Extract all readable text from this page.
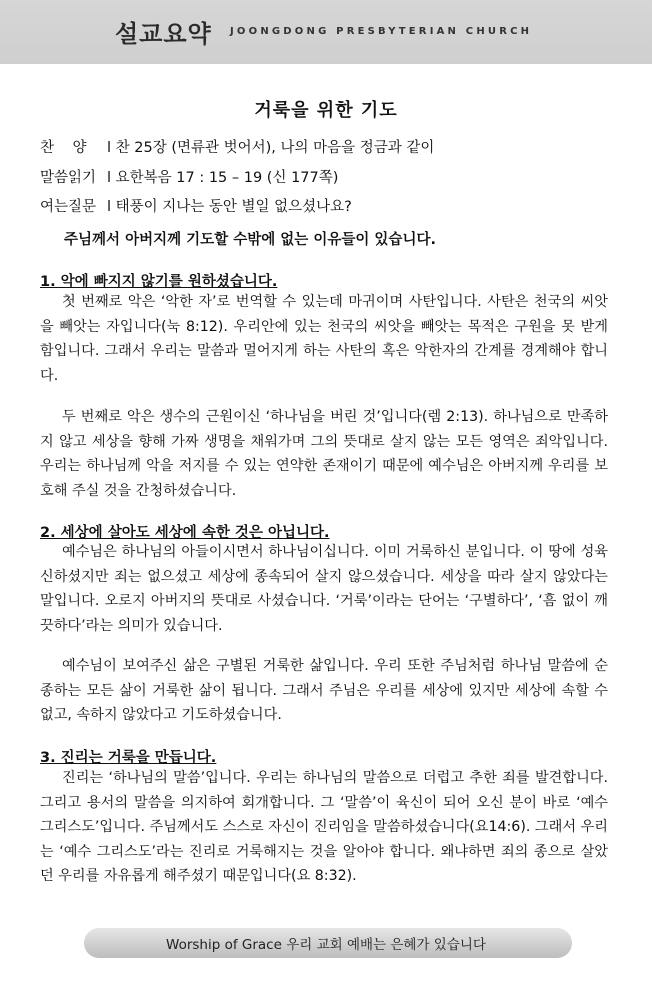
설교요약 JOONGDONG PRESBYTERIAN CHURCH
거룩을 위한 기도
찬    양 l 찬 25장 (면류관 벗어서), 나의 마음을 정금과 같이
말씀읽기 l 요한복음 17 : 15 – 19 (신 177쪽)
여는질문 l 태풍이 지나는 동안 별일 없으셨나요?
주님께서 아버지께 기도할 수밖에 없는 이유들이 있습니다.
1. 악에 빠지지 않기를 원하셨습니다.
첫 번째로 악은 ‘악한 자’로 번역할 수 있는데 마귀이며 사탄입니다. 사탄은 천국의 씨앗을 빼앗는 자입니다(눅 8:12). 우리안에 있는 천국의 씨앗을 빼앗는 목적은 구원을 못 받게 함입니다. 그래서 우리는 말씀과 멀어지게 하는 사탄의 혹은 악한자의 간계를 경계해야 합니다.
두 번째로 악은 생수의 근원이신 ‘하나님을 버린 것’입니다(렘 2:13). 하나님으로 만족하지 않고 세상을 향해 가짜 생명을 채워가며 그의 뜻대로 살지 않는 모든 영역은 죄악입니다. 우리는 하나님께 악을 저지를 수 있는 연약한 존재이기 때문에 예수님은 아버지께 우리를 보호해 주실 것을 간청하셨습니다.
2. 세상에 살아도 세상에 속한 것은 아닙니다.
예수님은 하나님의 아들이시면서 하나님이십니다. 이미 거룩하신 분입니다. 이 땅에 성육신하셨지만 죄는 없으셨고 세상에 종속되어 살지 않으셨습니다. 세상을 따라 살지 않았다는 말입니다. 오로지 아버지의 뜻대로 사셨습니다. ‘거룩’이라는 단어는 ‘구별하다’, ‘흠 없이 깨끗하다’라는 의미가 있습니다.
예수님이 보여주신 삶은 구별된 거룩한 삶입니다. 우리 또한 주님처럼 하나님 말씀에 순종하는 모든 삶이 거룩한 삶이 됩니다. 그래서 주님은 우리를 세상에 있지만 세상에 속할 수 없고, 속하지 않았다고 기도하셨습니다.
3. 진리는 거룩을 만듭니다.
진리는 ‘하나님의 말씀’입니다. 우리는 하나님의 말씀으로 더럽고 추한 죄를 발견합니다. 그리고 용서의 말씀을 의지하여 회개합니다. 그 ‘말씀’이 육신이 되어 오신 분이 바로 ‘예수 그리스도’입니다. 주님께서도 스스로 자신이 진리임을 말씀하셨습니다(요14:6). 그래서 우리는 ‘예수 그리스도’라는 진리로 거룩해지는 것을 알아야 합니다. 왜냐하면 죄의 종으로 살았던 우리를 자유롭게 해주셨기 때문입니다(요 8:32).
Worship of Grace 우리 교회 예배는 은혜가 있습니다
